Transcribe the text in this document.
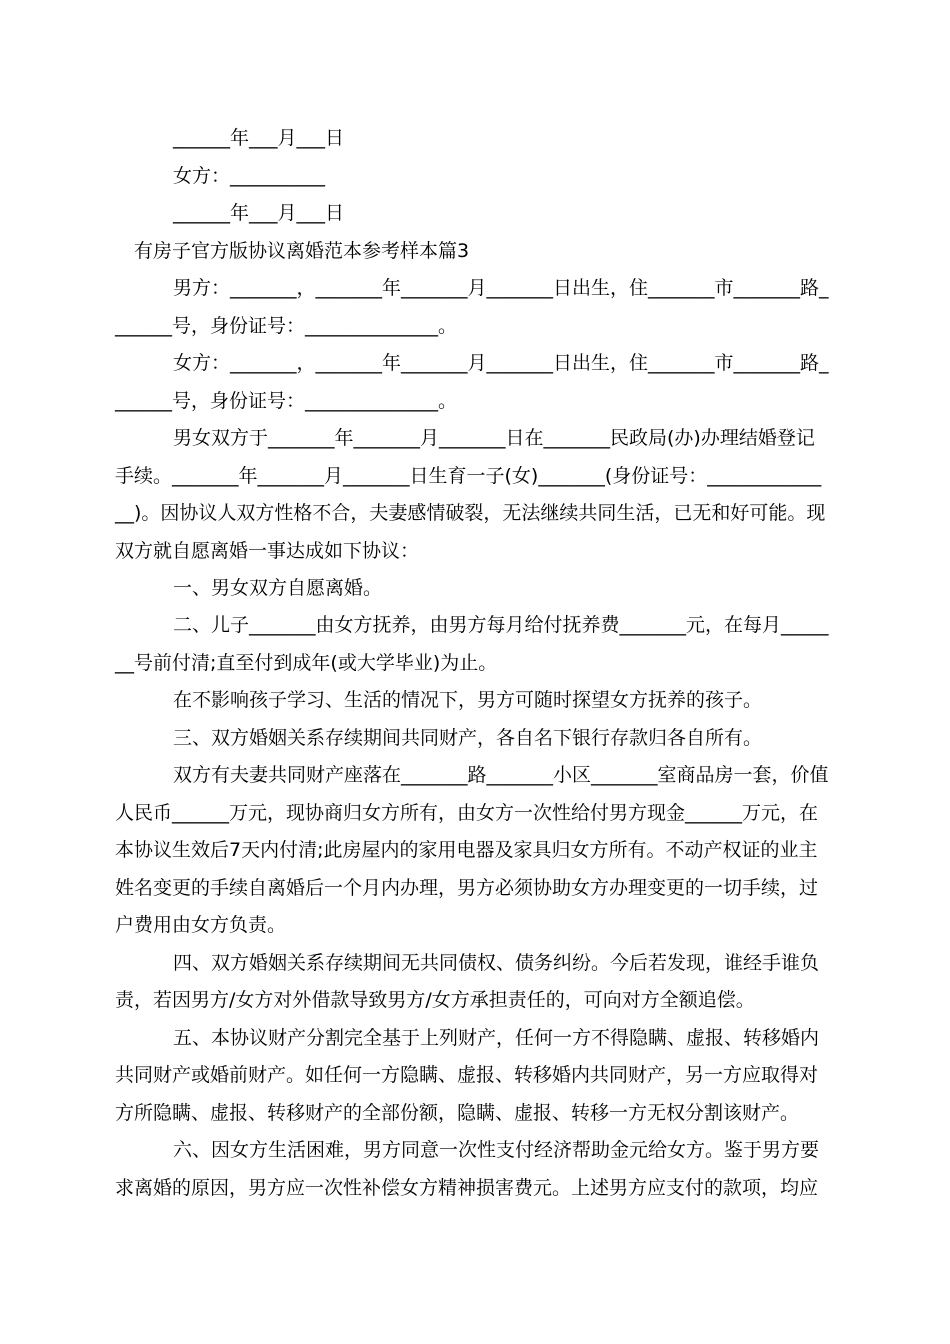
______年___月___日
女方：__________
______年___月___日
有房子官方版协议离婚范本参考样本篇3
男方：_______，_______年_______月_______日出生，住_______市_______路_
______号，身份证号：______________。
女方：_______，_______年_______月_______日出生，住_______市_______路_
______号，身份证号：______________。
男女双方于_______年_______月_______日在_______民政局(办)办理结婚登记
手续。_______年_______月_______日生育一子(女)_______(身份证号：____________
__)。因协议人双方性格不合，夫妻感情破裂，无法继续共同生活，已无和好可能。现
双方就自愿离婚一事达成如下协议：
一、男女双方自愿离婚。
二、儿子_______由女方抚养，由男方每月给付抚养费_______元，在每月_____
__号前付清;直至付到成年(或大学毕业)为止。
在不影响孩子学习、生活的情况下，男方可随时探望女方抚养的孩子。
三、双方婚姻关系存续期间共同财产，各自名下银行存款归各自所有。
双方有夫妻共同财产座落在_______路_______小区_______室商品房一套，价值
人民币______万元，现协商归女方所有，由女方一次性给付男方现金______万元，在
本协议生效后7天内付清;此房屋内的家用电器及家具归女方所有。不动产权证的业主
姓名变更的手续自离婚后一个月内办理，男方必须协助女方办理变更的一切手续，过
户费用由女方负责。
四、双方婚姻关系存续期间无共同债权、债务纠纷。今后若发现，谁经手谁负
责，若因男方/女方对外借款导致男方/女方承担责任的，可向对方全额追偿。
五、本协议财产分割完全基于上列财产，任何一方不得隐瞒、虚报、转移婚内
共同财产或婚前财产。如任何一方隐瞒、虚报、转移婚内共同财产，另一方应取得对
方所隐瞒、虚报、转移财产的全部份额，隐瞒、虚报、转移一方无权分割该财产。
六、因女方生活困难，男方同意一次性支付经济帮助金元给女方。鉴于男方要
求离婚的原因，男方应一次性补偿女方精神损害费元。上述男方应支付的款项，均应
